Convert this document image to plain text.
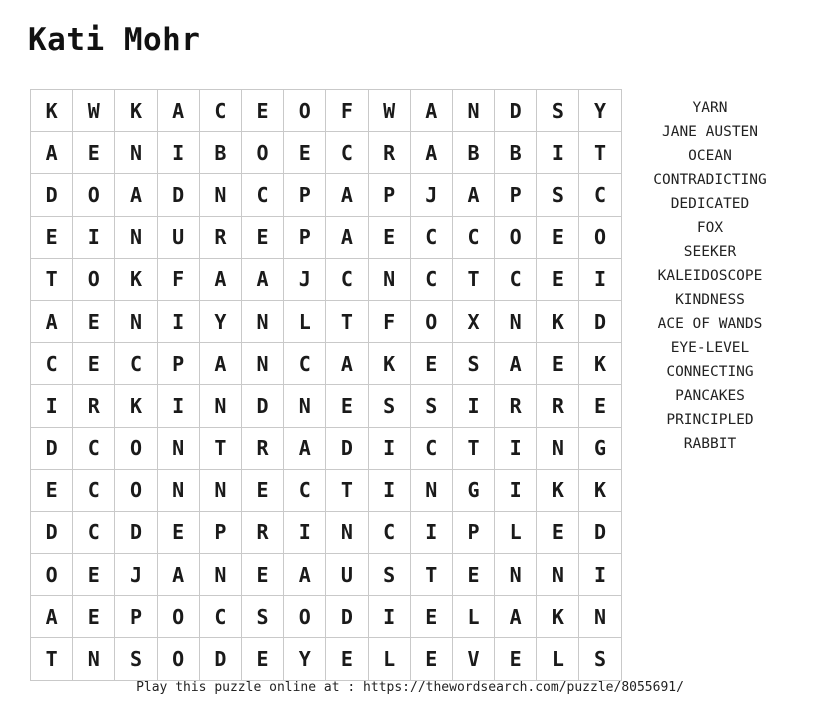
Kati Mohr
K	W	K	A	C	E	O	F	W	A	N	D	S	Y
A	E	N	I	B	O	E	C	R	A	B	B	I	T
D	O	A	D	N	C	P	A	P	J	A	P	S	C
E	I	N	U	R	E	P	A	E	C	C	O	E	O
T	O	K	F	A	A	J	C	N	C	T	C	E	I
A	E	N	I	Y	N	L	T	F	O	X	N	K	D
C	E	C	P	A	N	C	A	K	E	S	A	E	K
I	R	K	I	N	D	N	E	S	S	I	R	R	E
D	C	O	N	T	R	A	D	I	C	T	I	N	G
E	C	O	N	N	E	C	T	I	N	G	I	K	K
D	C	D	E	P	R	I	N	C	I	P	L	E	D
O	E	J	A	N	E	A	U	S	T	E	N	N	I
A	E	P	O	C	S	O	D	I	E	L	A	K	N
T	N	S	O	D	E	Y	E	L	E	V	E	L	S
YARN
JANE AUSTEN
OCEAN
CONTRADICTING
DEDICATED
FOX
SEEKER
KALEIDOSCOPE
KINDNESS
ACE OF WANDS
EYE-LEVEL
CONNECTING
PANCAKES
PRINCIPLED
RABBIT
Play this puzzle online at : https://thewordsearch.com/puzzle/8055691/
